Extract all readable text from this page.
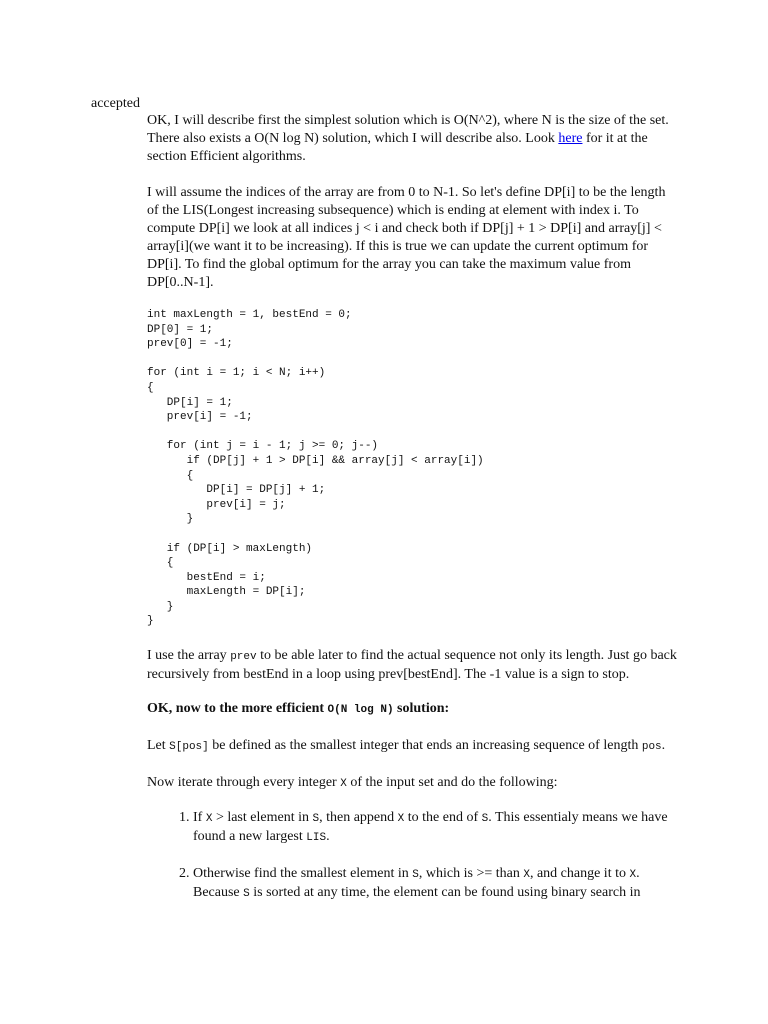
accepted

OK, I will describe first the simplest solution which is O(N^2), where N is the size of the set. There also exists a O(N log N) solution, which I will describe also. Look here for it at the section Efficient algorithms.

I will assume the indices of the array are from 0 to N-1. So let's define DP[i] to be the length of the LIS(Longest increasing subsequence) which is ending at element with index i. To compute DP[i] we look at all indices j < i and check both if DP[j] + 1 > DP[i] and array[j] < array[i](we want it to be increasing). If this is true we can update the current optimum for DP[i]. To find the global optimum for the array you can take the maximum value from DP[0..N-1].

int maxLength = 1, bestEnd = 0;
DP[0] = 1;
prev[0] = -1;

for (int i = 1; i < N; i++)
{
DP[i] = 1;
prev[i] = -1;

for (int j = i - 1; j >= 0; j--)
if (DP[j] + 1 > DP[i] && array[j] < array[i])
{
DP[i] = DP[j] + 1;
prev[i] = j;
}

if (DP[i] > maxLength)
{
bestEnd = i;
maxLength = DP[i];
}
}

I use the array prev to be able later to find the actual sequence not only its length. Just go back recursively from bestEnd in a loop using prev[bestEnd]. The -1 value is a sign to stop.

OK, now to the more efficient O(N log N) solution:

Let S[pos] be defined as the smallest integer that ends an increasing sequence of length pos.

Now iterate through every integer X of the input set and do the following:

1. If X > last element in S, then append X to the end of S. This essentialy means we have found a new largest LIS.
2. Otherwise find the smallest element in S, which is >= than X, and change it to X. Because S is sorted at any time, the element can be found using binary search in
